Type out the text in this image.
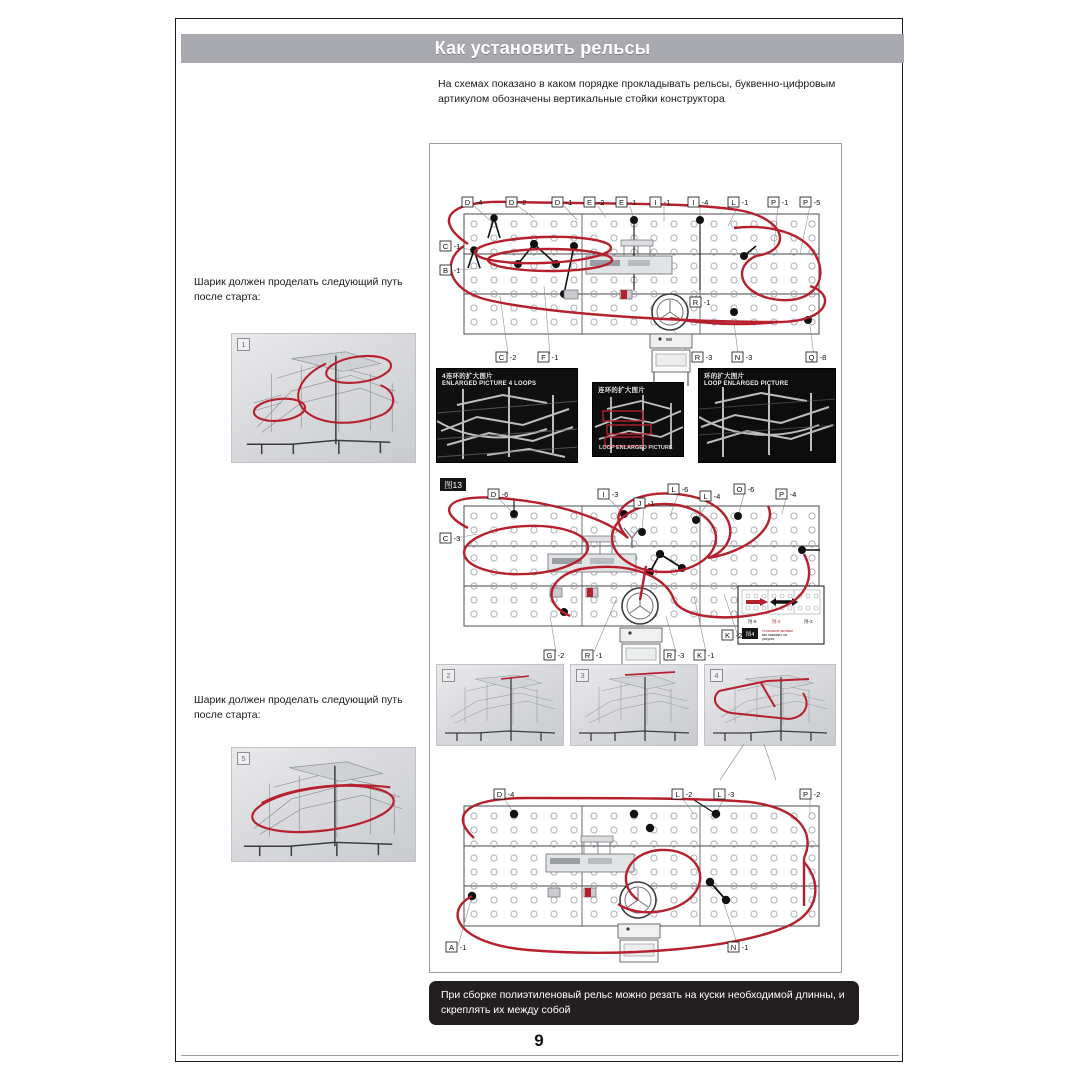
Как установить рельсы
На схемах показано в каком порядке прокладывать рельсы, буквенно-цифровым артикулом обозначены вертикальные стойки конструктора
Шарик должен проделать следующий путь после старта:
1
Шарик должен проделать следующий путь после старта:
5
D -4	D -2	D -1 E -2 E -1 I -1	I -4	L -1	P -1 P -5
C -1
B -1
C -2	F -1
R -1
R -3	N -3	Q -8
4连环的扩大图片
ENLARGED PICTURE 4 LOOPS
连环的扩大图片
LOOP ENLARGED PICTURE
环的扩大图片
LOOP ENLARGED PICTURE
图13
图-5	图-2	图-3
图4
Установите вставки
как показано на
рисунке
D -6	I -3
J -1
L -6
L -4
O -6
P -4
C -3
G -2	R -1	R -3 K -1
K -2
2	3	4
D -4	L -2	L -3	P -2
A -1	N -1
При сборке полиэтиленовый рельс можно резать на куски необходимой длинны, и скреплять их между собой
9
